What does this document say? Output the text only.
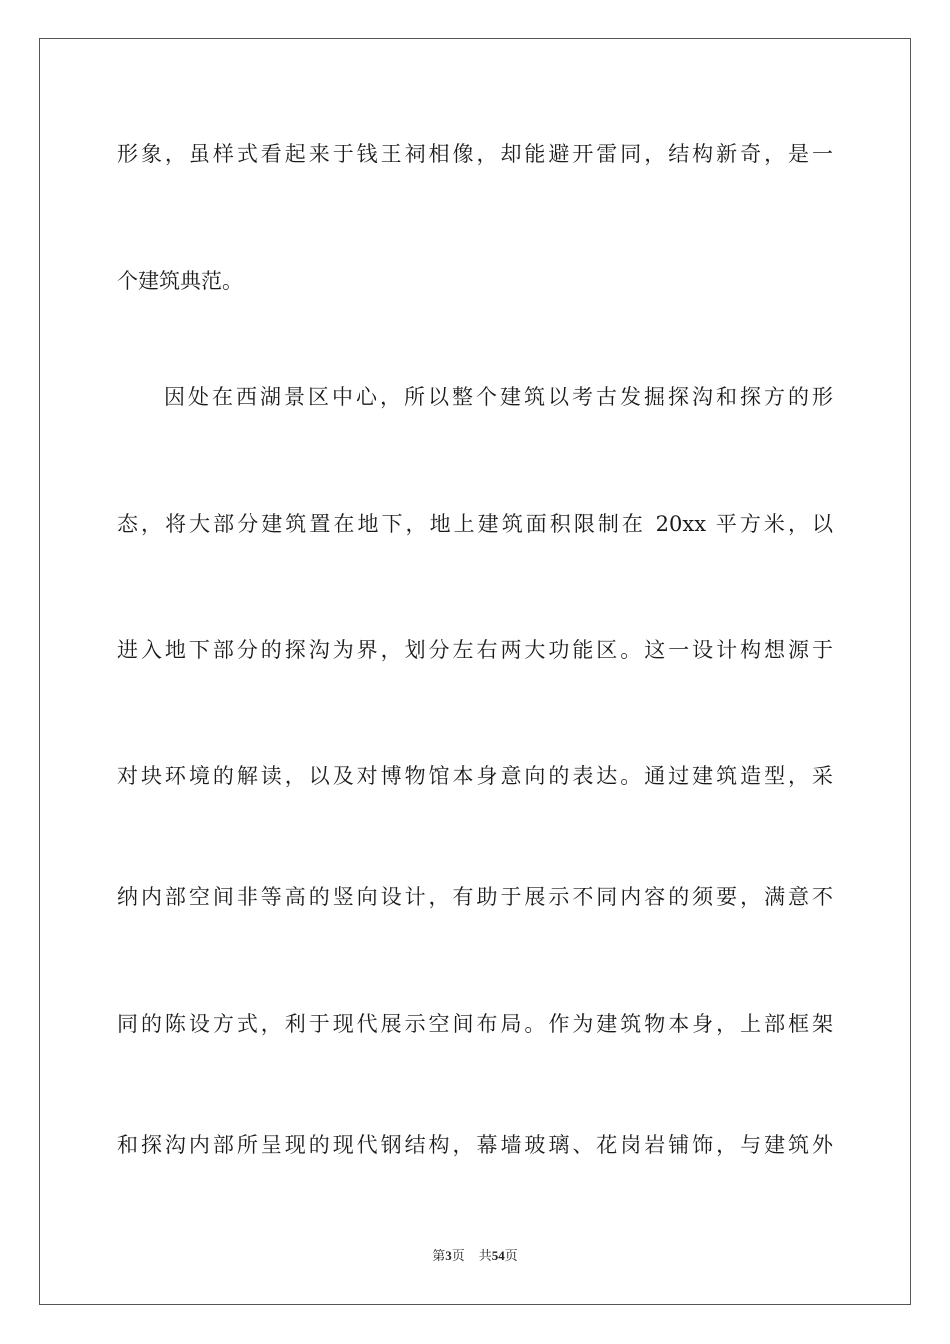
形象，虽样式看起来于钱王祠相像，却能避开雷同，结构新奇，是一
个建筑典范。
因处在西湖景区中心，所以整个建筑以考古发掘探沟和探方的形
态，将大部分建筑置在地下，地上建筑面积限制在 20xx 平方米，以
进入地下部分的探沟为界，划分左右两大功能区。这一设计构想源于
对块环境的解读，以及对博物馆本身意向的表达。通过建筑造型，采
纳内部空间非等高的竖向设计，有助于展示不同内容的须要，满意不
同的陈设方式，利于现代展示空间布局。作为建筑物本身，上部框架
和探沟内部所呈现的现代钢结构，幕墙玻璃、花岗岩铺饰，与建筑外
第3页 共54页
